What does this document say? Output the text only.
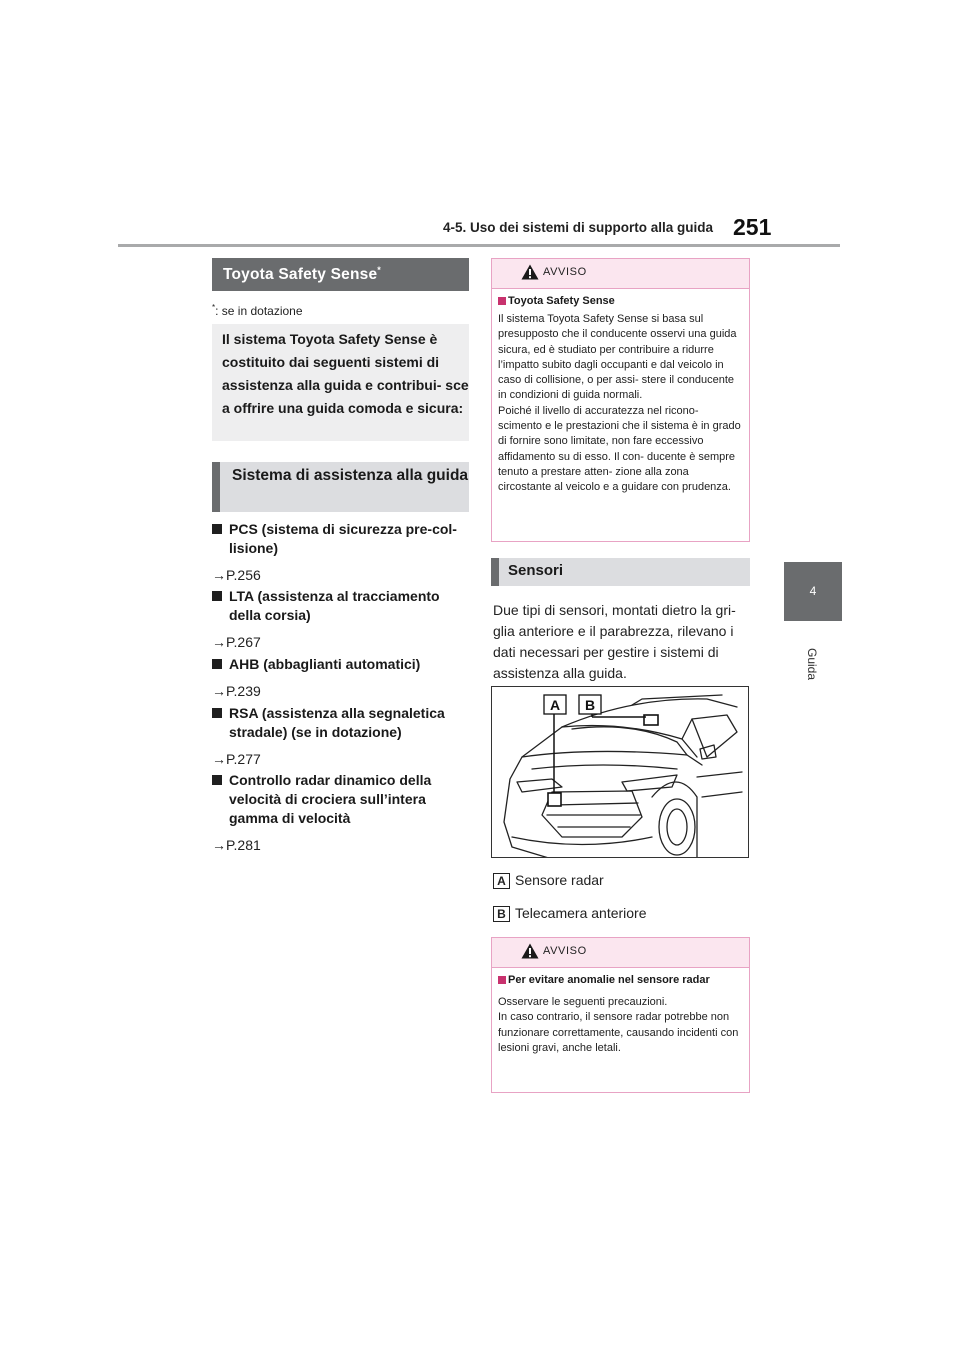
4-5. Uso dei sistemi di supporto alla guida 251
4
Guida
Toyota Safety Sense*
*: se in dotazione
Il sistema Toyota Safety Sense è costituito dai seguenti sistemi di assistenza alla guida e contribui- sce a offrire una guida comoda e sicura:
Sistema di assistenza alla guida
PCS (sistema di sicurezza pre-col- lisione)
→P.256
LTA (assistenza al tracciamento della corsia)
→P.267
AHB (abbaglianti automatici)
→P.239
RSA (assistenza alla segnaletica stradale) (se in dotazione)
→P.277
Controllo radar dinamico della velocità di crociera sull’intera gamma di velocità
→P.281
AVVISO
Toyota Safety Sense
Il sistema Toyota Safety Sense si basa sul presupposto che il conducente osservi una guida sicura, ed è studiato per contribuire a ridurre l’impatto subito dagli occupanti e dal veicolo in caso di collisione, o per assi- stere il conducente in condizioni di guida normali.
Poiché il livello di accuratezza nel ricono- scimento e le prestazioni che il sistema è in grado di fornire sono limitate, non fare eccessivo affidamento su di esso. Il con- ducente è sempre tenuto a prestare atten- zione alla zona circostante al veicolo e a guidare con prudenza.
Sensori
Due tipi di sensori, montati dietro la gri- glia anteriore e il parabrezza, rilevano i dati necessari per gestire i sistemi di assistenza alla guida.
A B
A Sensore radar
B Telecamera anteriore
AVVISO
Per evitare anomalie nel sensore radar
Osservare le seguenti precauzioni.
In caso contrario, il sensore radar potrebbe non funzionare correttamente, causando incidenti con lesioni gravi, anche letali.
